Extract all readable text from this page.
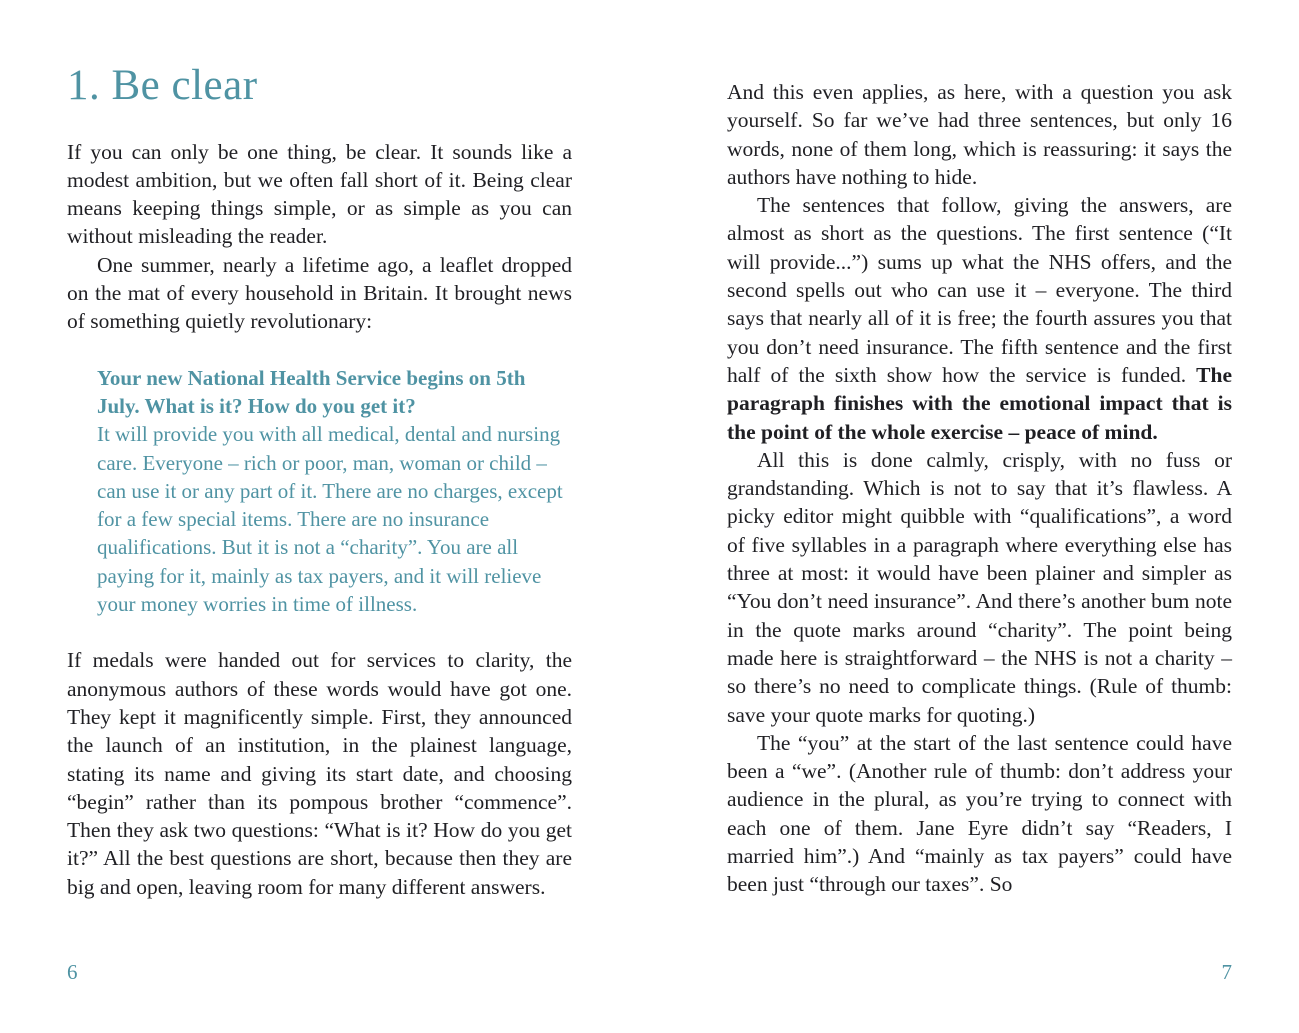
1. Be clear

If you can only be one thing, be clear. It sounds like a modest ambition, but we often fall short of it. Being clear means keeping things simple, or as simple as you can without misleading the reader.

One summer, nearly a lifetime ago, a leaflet dropped on the mat of every household in Britain. It brought news of something quietly revolutionary:

Your new National Health Service begins on 5th July. What is it? How do you get it?

It will provide you with all medical, dental and nursing care. Everyone – rich or poor, man, woman or child – can use it or any part of it. There are no charges, except for a few special items. There are no insurance qualifications. But it is not a “charity”. You are all paying for it, mainly as tax payers, and it will relieve your money worries in time of illness.

If medals were handed out for services to clarity, the anonymous authors of these words would have got one. They kept it magnificently simple. First, they announced the launch of an institution, in the plainest language, stating its name and giving its start date, and choosing “begin” rather than its pompous brother “commence”. Then they ask two questions: “What is it? How do you get it?” All the best questions are short, because then they are big and open, leaving room for many different answers.

And this even applies, as here, with a question you ask yourself. So far we’ve had three sentences, but only 16 words, none of them long, which is reassuring: it says the authors have nothing to hide.

The sentences that follow, giving the answers, are almost as short as the questions. The first sentence (“It will provide...”) sums up what the NHS offers, and the second spells out who can use it – everyone. The third says that nearly all of it is free; the fourth assures you that you don’t need insurance. The fifth sentence and the first half of the sixth show how the service is funded. The paragraph finishes with the emotional impact that is the point of the whole exercise – peace of mind.

All this is done calmly, crisply, with no fuss or grandstanding. Which is not to say that it’s flawless. A picky editor might quibble with “qualifications”, a word of five syllables in a paragraph where everything else has three at most: it would have been plainer and simpler as “You don’t need insurance”. And there’s another bum note in the quote marks around “charity”. The point being made here is straightforward – the NHS is not a charity – so there’s no need to complicate things. (Rule of thumb: save your quote marks for quoting.)

The “you” at the start of the last sentence could have been a “we”. (Another rule of thumb: don’t address your audience in the plural, as you’re trying to connect with each one of them. Jane Eyre didn’t say “Readers, I married him”.) And “mainly as tax payers” could have been just “through our taxes”. So

6	7
